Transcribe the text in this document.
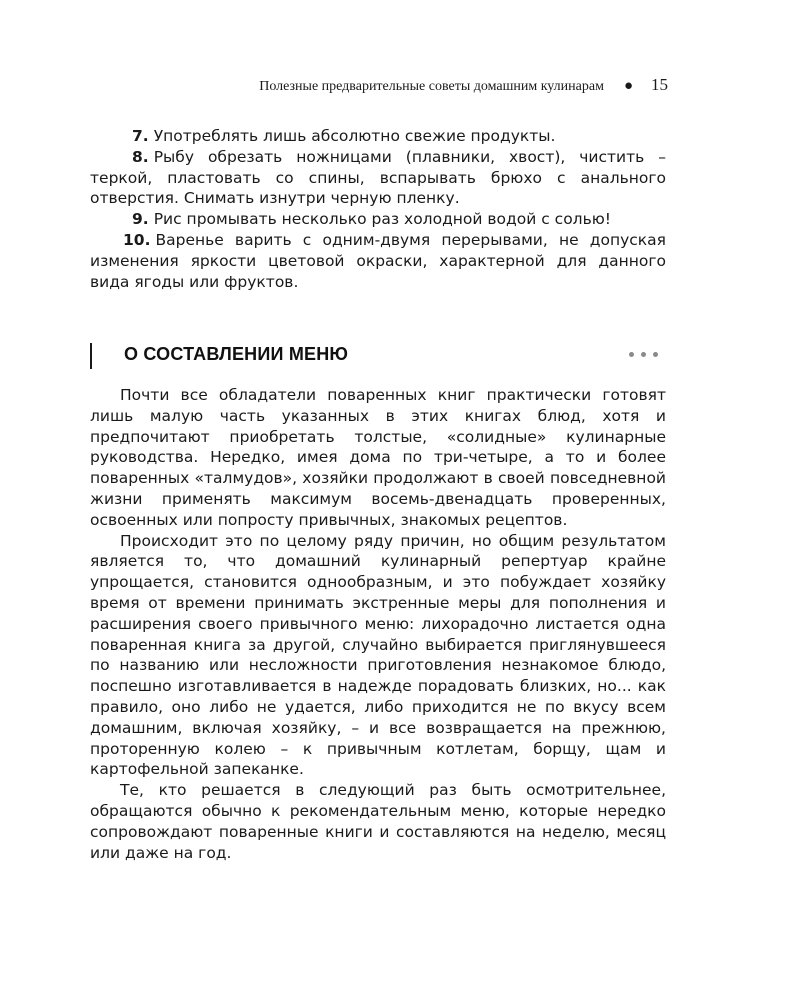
Полезные предварительные советы домашним кулинарам ● 15

7. Употреблять лишь абсолютно свежие продукты.

8. Рыбу обрезать ножницами (плавники, хвост), чистить – теркой, пластовать со спины, вспарывать брюхо с анального отверстия. Снимать изнутри черную пленку.

9. Рис промывать несколько раз холодной водой с солью!

10. Варенье варить с одним-двумя перерывами, не допуская изменения яркости цветовой окраски, характерной для данного вида ягоды или фруктов.

О СОСТАВЛЕНИИ МЕНЮ

Почти все обладатели поваренных книг практически готовят лишь малую часть указанных в этих книгах блюд, хотя и предпочитают приобретать толстые, «солидные» кулинарные руководства. Нередко, имея дома по три-четыре, а то и более поваренных «талмудов», хозяйки продолжают в своей повседневной жизни применять максимум восемь-двенадцать проверенных, освоенных или попросту привычных, знакомых рецептов.

Происходит это по целому ряду причин, но общим результатом является то, что домашний кулинарный репертуар крайне упрощается, становится однообразным, и это побуждает хозяйку время от времени принимать экстренные меры для пополнения и расширения своего привычного меню: лихорадочно листается одна поваренная книга за другой, случайно выбирается приглянувшееся по названию или несложности приготовления незнакомое блюдо, поспешно изготавливается в надежде порадовать близких, но... как правило, оно либо не удается, либо приходится не по вкусу всем домашним, включая хозяйку, – и все возвращается на прежнюю, проторенную колею – к привычным котлетам, борщу, щам и картофельной запеканке.

Те, кто решается в следующий раз быть осмотрительнее, обращаются обычно к рекомендательным меню, которые нередко сопровождают поваренные книги и составляются на неделю, месяц или даже на год.
